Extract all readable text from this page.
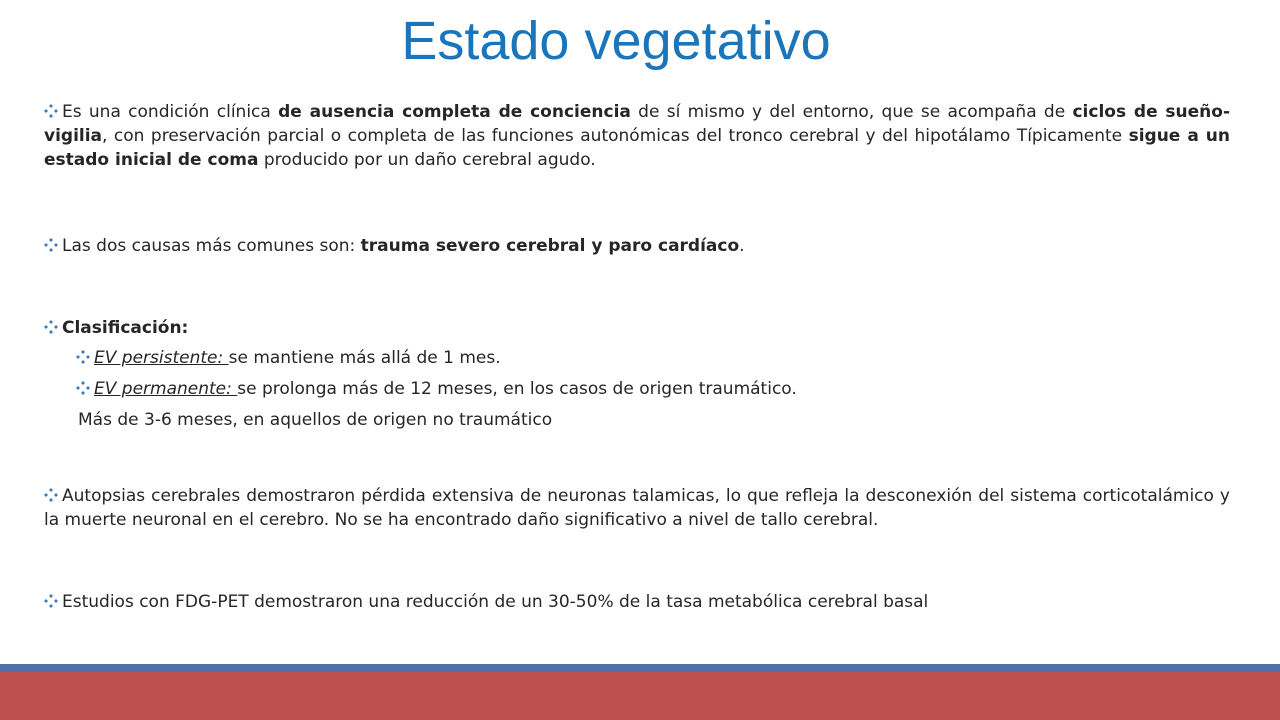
Estado vegetativo

Es una condición clínica de ausencia completa de conciencia de sí mismo y del entorno, que se acompaña de ciclos de sueño-vigilia, con preservación parcial o completa de las funciones autonómicas del tronco cerebral y del hipotálamo Típicamente sigue a un estado inicial de coma producido por un daño cerebral agudo.

Las dos causas más comunes son: trauma severo cerebral y paro cardíaco.

Clasificación:

EV persistente: se mantiene más allá de 1 mes.

EV permanente: se prolonga más de 12 meses, en los casos de origen traumático.

Más de 3-6 meses, en aquellos de origen no traumático

Autopsias cerebrales demostraron pérdida extensiva de neuronas talamicas, lo que refleja la desconexión del sistema corticotalámico y la muerte neuronal en el cerebro. No se ha encontrado daño significativo a nivel de tallo cerebral.

Estudios con FDG-PET demostraron una reducción de un 30-50% de la tasa metabólica cerebral basal
